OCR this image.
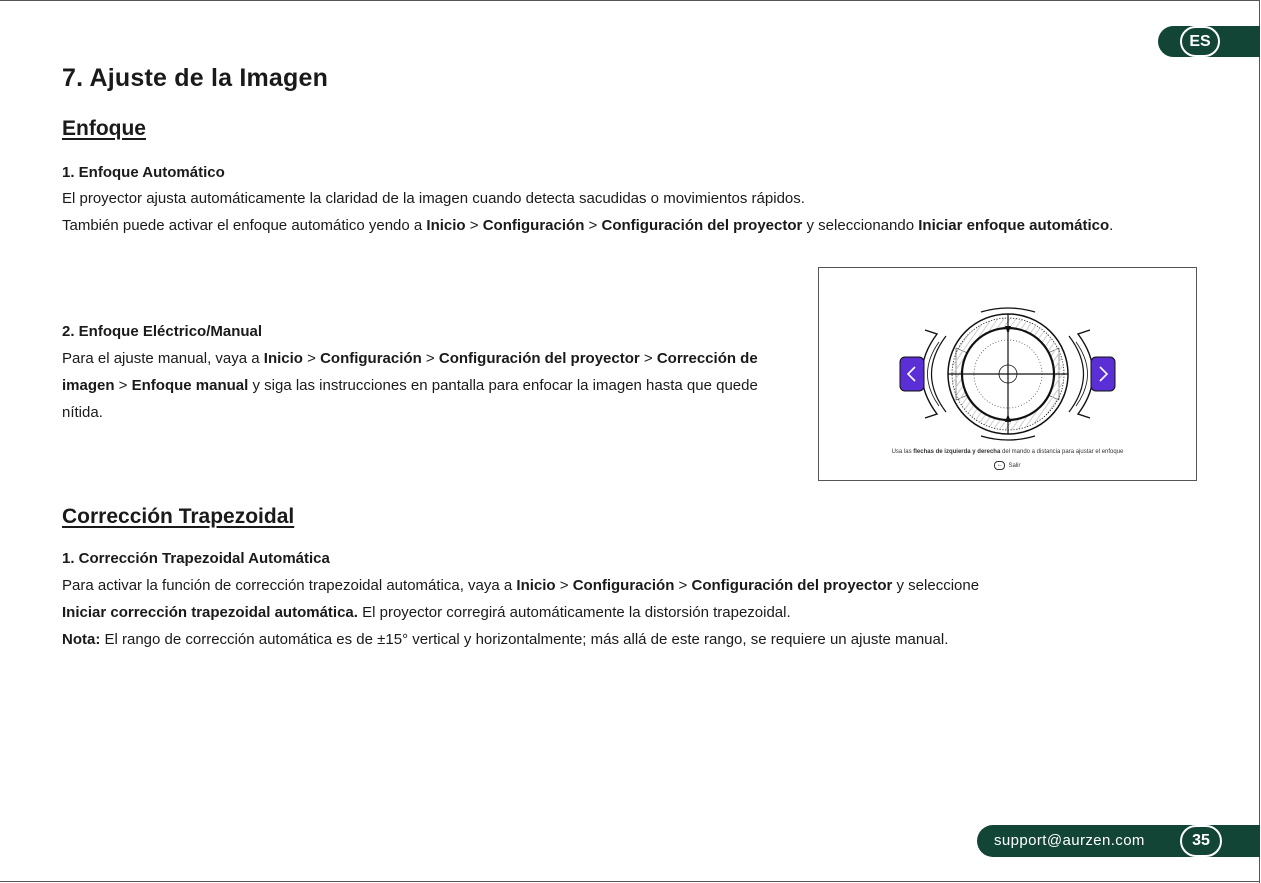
ES
7. Ajuste de la Imagen
Enfoque
1. Enfoque Automático

El proyector ajusta automáticamente la claridad de la imagen cuando detecta sacudidas o movimientos rápidos.
También puede activar el enfoque automático yendo a Inicio > Configuración > Configuración del proyector y seleccionando Iniciar enfoque automático.

2. Enfoque Eléctrico/Manual

Para el ajuste manual, vaya a Inicio > Configuración > Configuración del proyector > Corrección de imagen > Enfoque manual y siga las instrucciones en pantalla para enfocar la imagen hasta que quede nítida.

Usa las flechas de izquierda y derecha del mando a distancia para ajustar el enfoque
← Salir
Corrección Trapezoidal
1. Corrección Trapezoidal Automática

Para activar la función de corrección trapezoidal automática, vaya a Inicio > Configuración > Configuración del proyector y seleccione
Iniciar corrección trapezoidal automática. El proyector corregirá automáticamente la distorsión trapezoidal.
Nota: El rango de corrección automática es de ±15° vertical y horizontalmente; más allá de este rango, se requiere un ajuste manual.

support@aurzen.com	35
